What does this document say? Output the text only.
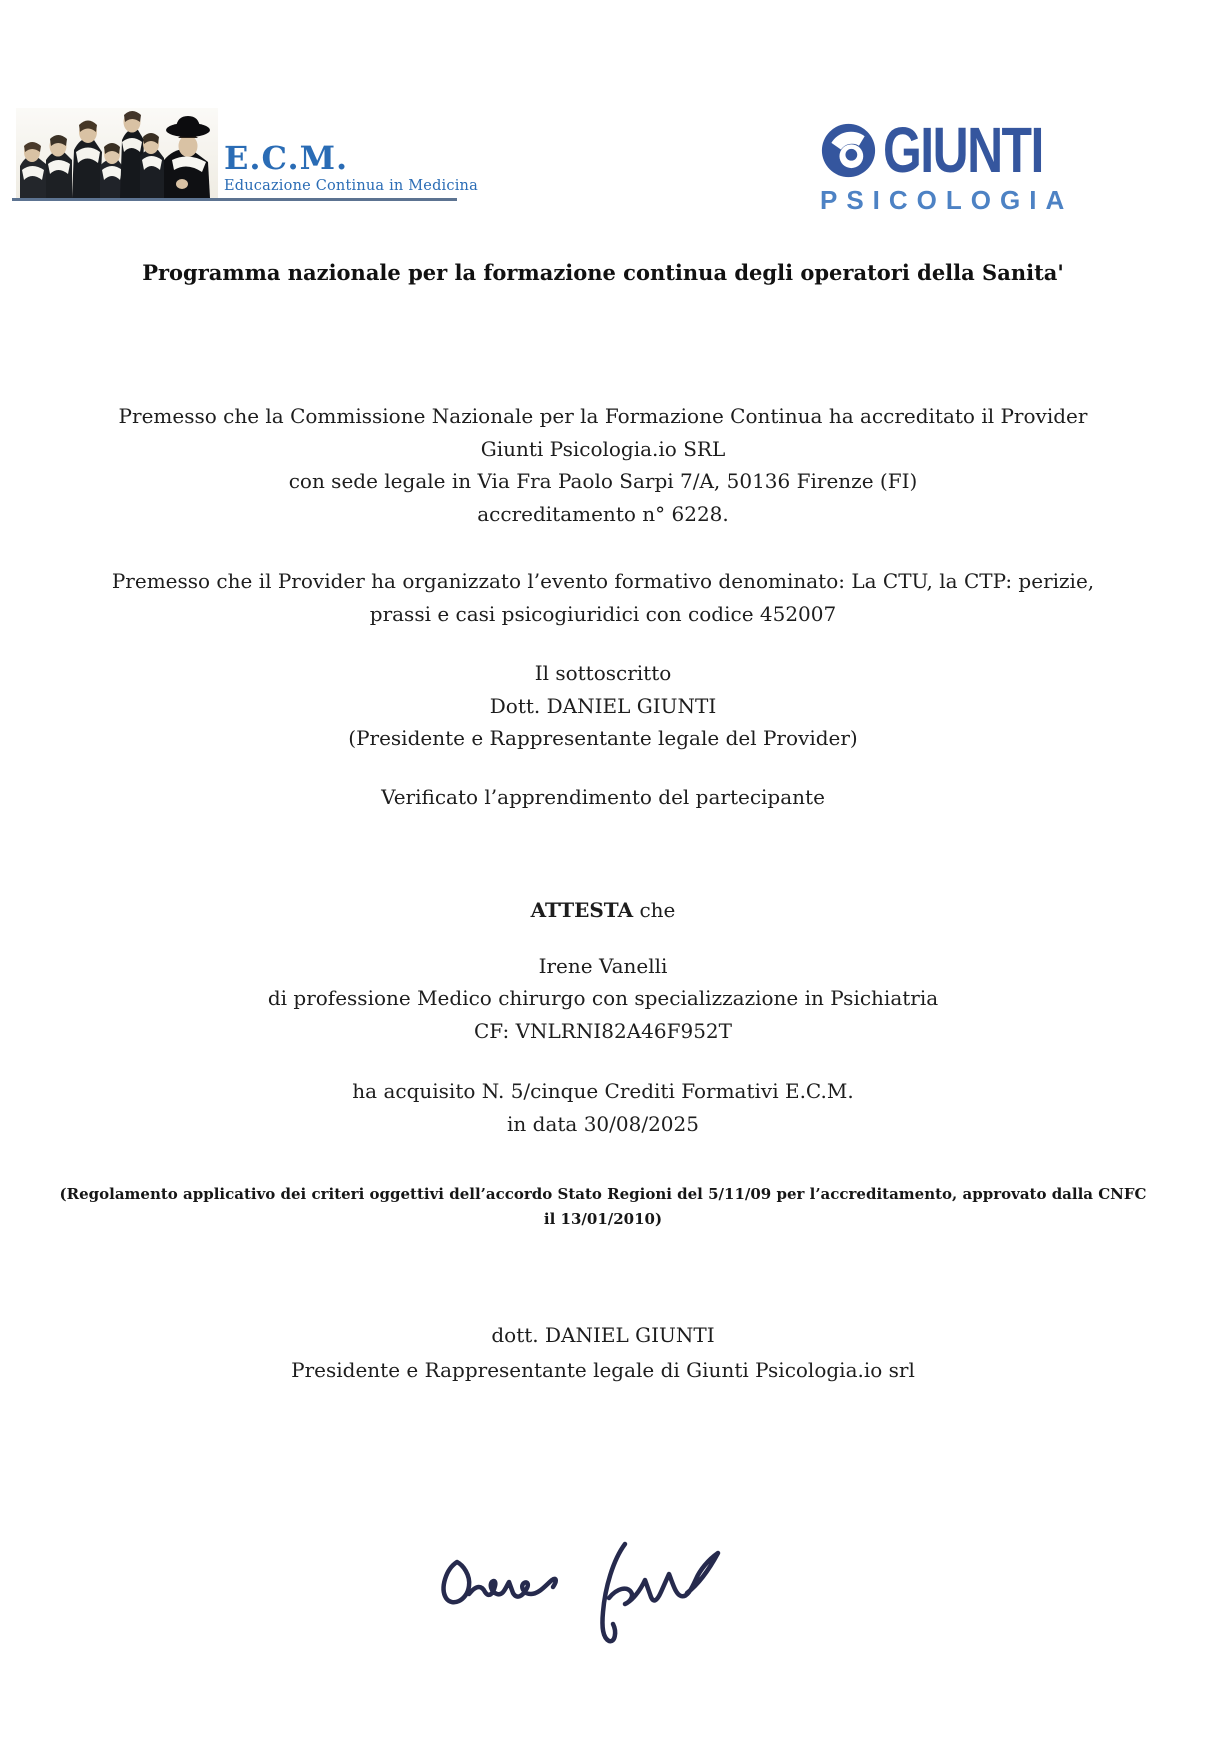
E.C.M.
Educazione Continua in Medicina	GIUNTI
PSICOLOGIA
Programma nazionale per la formazione continua degli operatori della Sanita'
Premesso che la Commissione Nazionale per la Formazione Continua ha accreditato il Provider
Giunti Psicologia.io SRL
con sede legale in Via Fra Paolo Sarpi 7/A, 50136 Firenze (FI)
accreditamento n° 6228.
Premesso che il Provider ha organizzato l’evento formativo denominato: La CTU, la CTP: perizie,
prassi e casi psicogiuridici con codice 452007
Il sottoscritto
Dott. DANIEL GIUNTI
(Presidente e Rappresentante legale del Provider)
Verificato l’apprendimento del partecipante
ATTESTA che
Irene Vanelli
di professione Medico chirurgo con specializzazione in Psichiatria
CF: VNLRNI82A46F952T
ha acquisito N. 5/cinque Crediti Formativi E.C.M.
in data 30/08/2025
(Regolamento applicativo dei criteri oggettivi dell’accordo Stato Regioni del 5/11/09 per l’accreditamento, approvato dalla CNFC
il 13/01/2010)
dott. DANIEL GIUNTI
Presidente e Rappresentante legale di Giunti Psicologia.io srl
